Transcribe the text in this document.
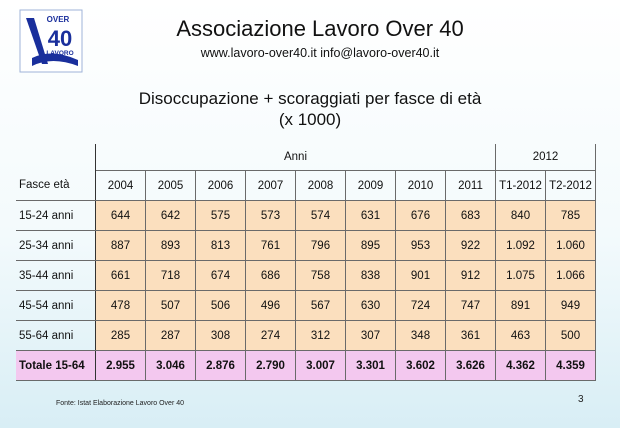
OVER
40
LAVORO
Associazione Lavoro Over 40
www.lavoro-over40.it info@lavoro-over40.it
Disoccupazione + scoraggiati per fasce di età
(x 1000)
	Anni								2012	
Fasce età	2004	2005	2006	2007	2008	2009	2010	2011	T1-2012	T2-2012
15-24 anni	644	642	575	573	574	631	676	683	840	785
25-34 anni	887	893	813	761	796	895	953	922	1.092	1.060
35-44 anni	661	718	674	686	758	838	901	912	1.075	1.066
45-54 anni	478	507	506	496	567	630	724	747	891	949
55-64 anni	285	287	308	274	312	307	348	361	463	500
Totale 15-64	2.955	3.046	2.876	2.790	3.007	3.301	3.602	3.626	4.362	4.359
Fonte: Istat Elaborazione Lavoro Over 40	3
